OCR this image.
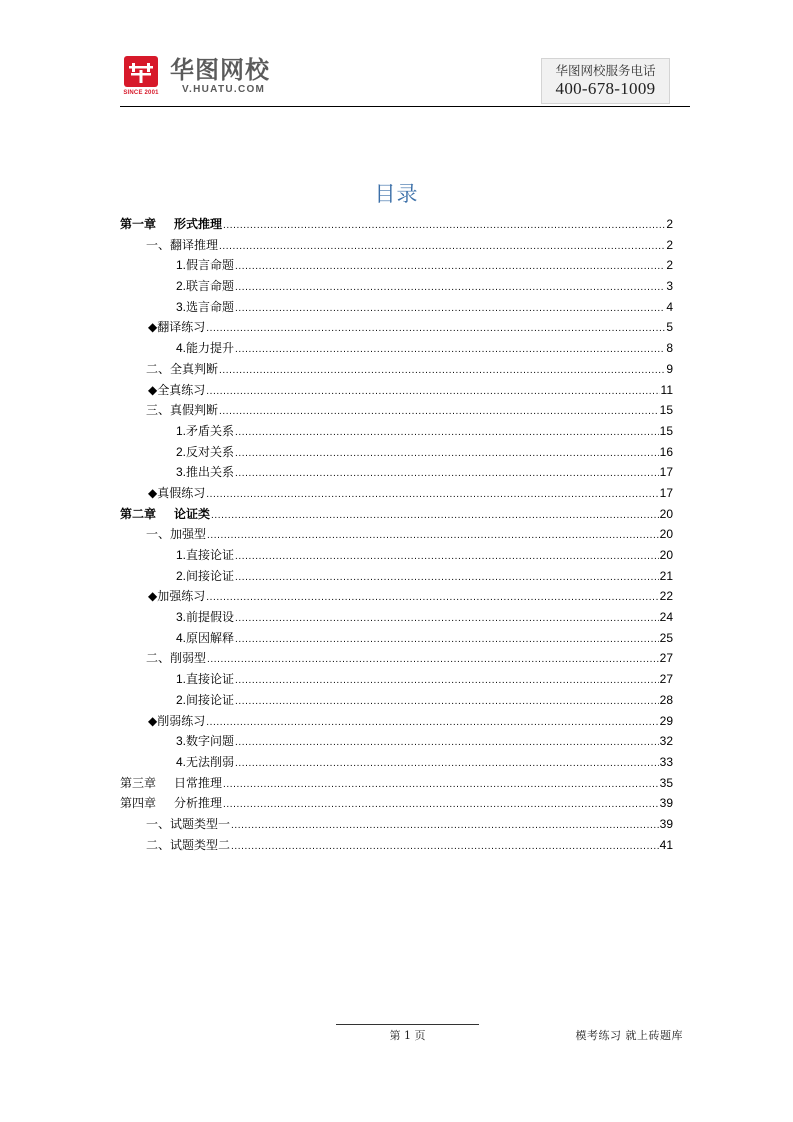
SINCE 2001
华图网校
V.HUATU.COM
华图网校服务电话
400-678-1009
目录
第一章 形式推理 .....	2
一、翻译推理 .....	2
1.假言命题 .....	2
2.联言命题 .....	3
3.选言命题 .....	4
◆翻译练习 .....	5
4.能力提升 .....	8
二、全真判断 .....	9
◆全真练习 .....	11
三、真假判断 .....	15
1.矛盾关系 .....	15
2.反对关系 .....	16
3.推出关系 .....	17
◆真假练习 .....	17
第二章 论证类 .....	20
一、加强型 .....	20
1.直接论证 .....	20
2.间接论证 .....	21
◆加强练习 .....	22
3.前提假设 .....	24
4.原因解释 .....	25
二、削弱型 .....	27
1.直接论证 .....	27
2.间接论证 .....	28
◆削弱练习 .....	29
3.数字问题 .....	32
4.无法削弱 .....	33
第三章 日常推理 .....	35
第四章 分析推理 .....	39
一、试题类型一 .....	39
二、试题类型二 .....	41
第 1 页	模考练习 就上砖题库
